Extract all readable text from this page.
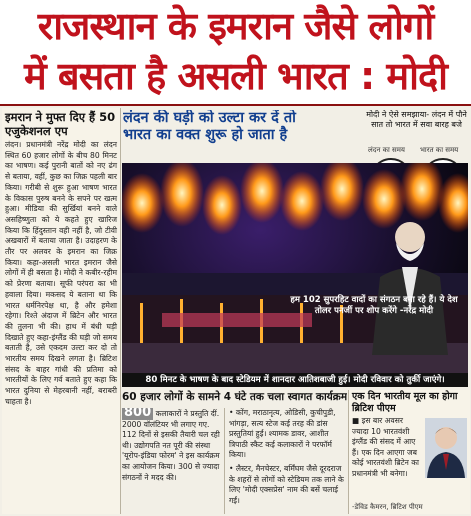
राजस्थान के इमरान जैसे लोगों
में बसता है असली भारत : मोदी
इमरान ने मुफ्त दिए हैं 50 एजुकेशनल एप
लंदन। प्रधानमंत्री नरेंद्र मोदी का लंदन स्थित 60 हजार लोगों के बीच 80 मिनट का भाषण। कई पुरानी बातों को नए ढंग से बताया, वहीं, कुछ का जिक्र पहली बार किया। गरीबी से शुरू हुआ भाषण भारत के विकास पुरुष बनने के सपने पर खत्म हुआ। मीडिया की सुर्खियां बनने वाले असहिष्णुता को ये कहते हुए खारिज किया कि हिंदुस्तान वही नहीं है, जो टीवी अखबारों में बताया जाता है। उदाहरण के तौर पर अलवर के इमरान का जिक्र किया। कहा-असली भारत इमरान जैसे लोगों में ही बसता है। मोदी ने कबीर-रहीम को प्रेरणा बताया। सूफी परंपरा का भी हवाला दिया। मकसद ये बताना था कि भारत धर्मनिरपेक्ष था, है और हमेशा रहेगा। रिश्ते अंदाज में ब्रिटेन और भारत की तुलना भी की। हाथ में बंधी घड़ी दिखाते हुए कहा-इंग्लैंड की घड़ी जो समय बताती है, उसे एकदम उल्टा कर दो तो भारतीय समय दिखने लगता है। ब्रिटिश संसद के बाहर गांधी की प्रतिमा को भारतीयों के लिए गर्व बताते हुए कहा कि भारत दुनिया से मेहरबानी नहीं, बराबरी चाहता है।
लंदन की घड़ी को उल्टा कर दें तो
भारत का वक्त शुरू हो जाता है
मोदी ने ऐसे समझाया- लंदन में पौने सात तो भारत में सवा बारह बजे
लंदन का समय भारत का समय
हम 102 सुपरहिट वादों का संगठन बना रहे हैं। ये देश तोलर पनर्जी पर शोप करेंगे -नरेंद्र मोदी
80 मिनट के भाषण के बाद स्टेडियम में शानदार आतिशबाजी हुई। मोदी रविवार को तुर्की जाएंगे।
60 हजार लोगों के सामने 4 घंटे तक चला स्वागत कार्यक्रम
800 कलाकारों ने प्रस्तुति दीं. 2000 वॉलंटियर भी लगाए गए. 112 दिनों से इसकी तैयारी चल रही थी। उद्योगपति नत पूरी की संस्था 'यूरोप-इंडिया फोरम' ने इस कार्यक्रम का आयोजन किया। 300 से ज्यादा संगठनों ने मदद की।
• कोंग, मराठानृत्य, ओडिसी, कुचीपुडी, भांगड़ा, सत्य स्टेज कई तरह की डांस प्रस्तुतियां हुईं। श्यामक डावर, आशीत त्रिपाठी स्कैट कई कलाकारों ने परफॉर्म किया।
• लैस्टर, मैनचेस्टर, बर्मिंघम जैसे दूरदराज के शहरों से लोगों को स्टेडियम तक लाने के लिए 'मोदी एक्सप्रेस' नाम की बसें चलाई गईं।
एक दिन भारतीय मूल का होगा ब्रिटिश पीएम
■ इस बार अवसर ज्यादा 10 भारतवंशी इंग्लैंड की संसद में आए हैं। एक दिन आएगा जब कोई भारतवंशी ब्रिटेन का प्रधानमंत्री भी बनेगा।
-डेविड कैमरन, ब्रिटिश पीएम
